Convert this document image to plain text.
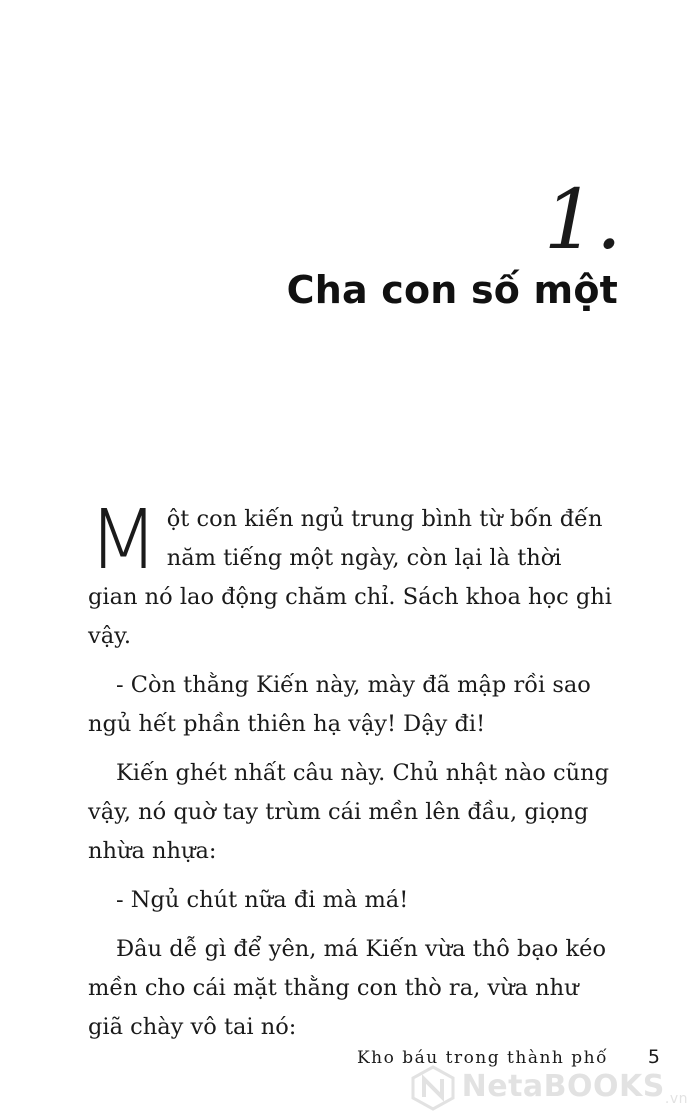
1.
Cha con số một

Một con kiến ngủ trung bình từ bốn đến năm tiếng một ngày, còn lại là thời gian nó lao động chăm chỉ. Sách khoa học ghi vậy.

- Còn thằng Kiến này, mày đã mập rồi sao ngủ hết phần thiên hạ vậy! Dậy đi!

Kiến ghét nhất câu này. Chủ nhật nào cũng vậy, nó quờ tay trùm cái mền lên đầu, giọng nhừa nhựa:

- Ngủ chút nữa đi mà má!

Đâu dễ gì để yên, má Kiến vừa thô bạo kéo mền cho cái mặt thằng con thò ra, vừa như giã chày vô tai nó:

Kho báu trong thành phố 5
NetaBOOKS$_{.vn}$
